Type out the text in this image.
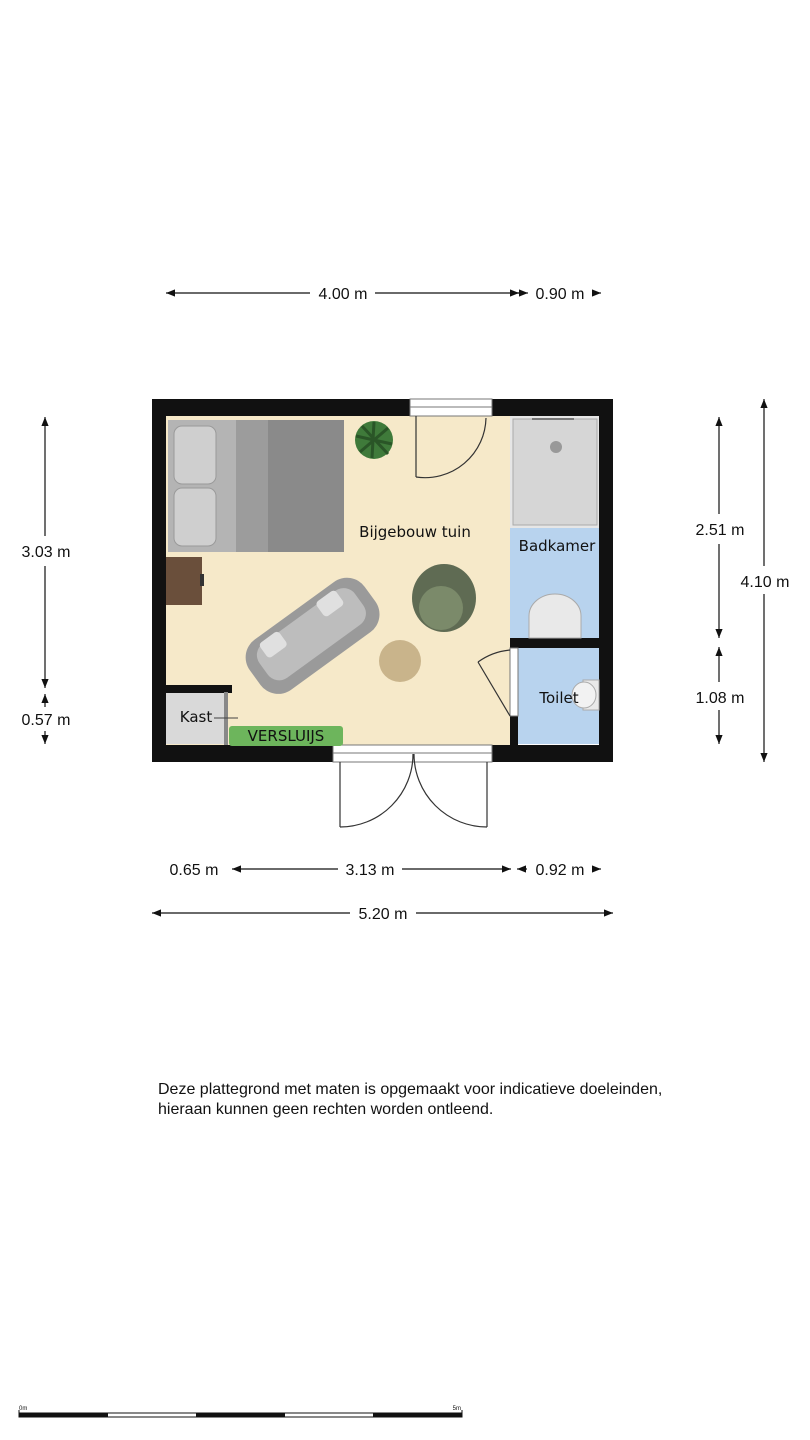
4.00 m	0.90 m
3.03 m
0.57 m
2.51 m
1.08 m
4.10 m
0.65 m	3.13 m	0.92 m
5.20 m
Bijgebouw tuin
Badkamer
Toilet
Kast
VERSLUIJS
0m	5m
Deze plattegrond met maten is opgemaakt voor indicatieve doeleinden,
hieraan kunnen geen rechten worden ontleend.
